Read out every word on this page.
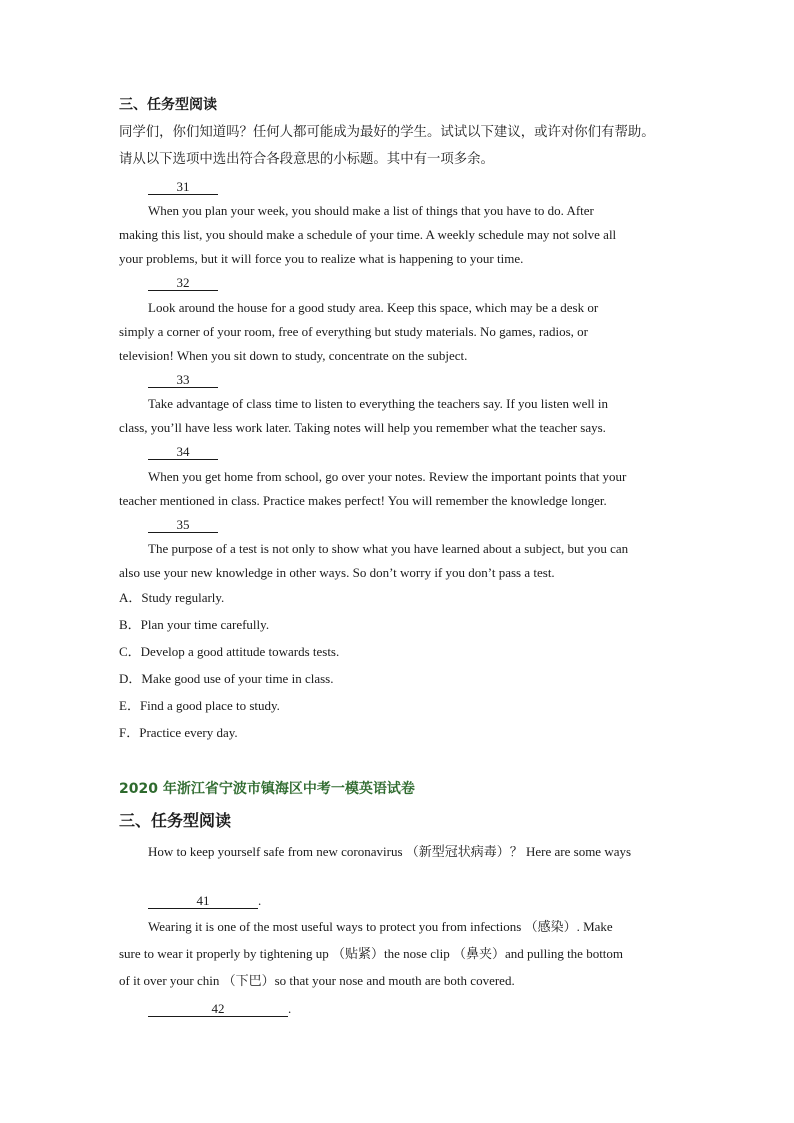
三、任务型阅读
同学们，你们知道吗？任何人都可能成为最好的学生。试试以下建议，或许对你们有帮助。
请从以下选项中选出符合各段意思的小标题。其中有一项多余。
31
When you plan your week, you should make a list of things that you have to do. After
making this list, you should make a schedule of your time. A weekly schedule may not solve all
your problems, but it will force you to realize what is happening to your time.
32
Look around the house for a good study area. Keep this space, which may be a desk or
simply a corner of your room, free of everything but study materials. No games, radios, or
television! When you sit down to study, concentrate on the subject.
33
Take advantage of class time to listen to everything the teachers say. If you listen well in
class, you’ll have less work later. Taking notes will help you remember what the teacher says.
34
When you get home from school, go over your notes. Review the important points that your
teacher mentioned in class. Practice makes perfect! You will remember the knowledge longer.
35
The purpose of a test is not only to show what you have learned about a subject, but you can
also use your new knowledge in other ways. So don’t worry if you don’t pass a test.
A．Study regularly.
B．Plan your time carefully.
C．Develop a good attitude towards tests.
D．Make good use of your time in class.
E．Find a good place to study.
F．Practice every day.
2020 年浙江省宁波市镇海区中考一模英语试卷
三、任务型阅读
How to keep yourself safe from new coronavirus （新型冠状病毒）？ Here are some ways
41	.
Wearing it is one of the most useful ways to protect you from infections （感染）. Make
sure to wear it properly by tightening up （贴紧）the nose clip （鼻夹）and pulling the bottom
of it over your chin （下巴）so that your nose and mouth are both covered.
42	.
